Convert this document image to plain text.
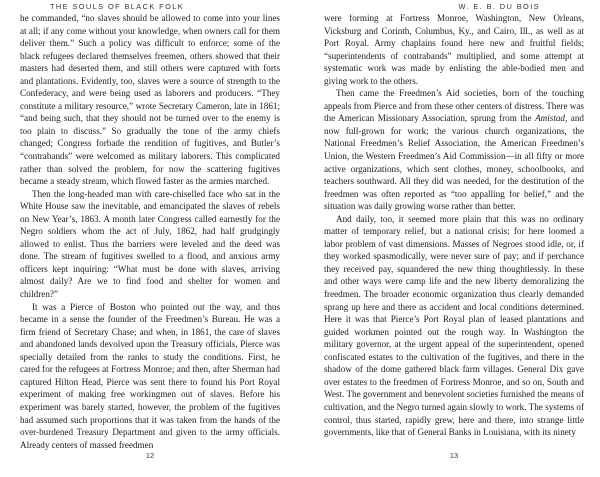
THE SOULS OF BLACK FOLK

he commanded, “no slaves should be allowed to come into your lines at all; if any come without your knowledge, when owners call for them deliver them.” Such a policy was difficult to enforce; some of the black refugees declared themselves freemen, others showed that their masters had deserted them, and still others were captured with forts and plantations. Evidently, too, slaves were a source of strength to the Confederacy, and were being used as laborers and producers. “They constitute a military resource,” wrote Secretary Cameron, late in 1861; “and being such, that they should not be turned over to the enemy is too plain to discuss.” So gradually the tone of the army chiefs changed; Congress forbade the rendition of fugitives, and Butler’s “contrabands” were welcomed as military laborers. This complicated rather than solved the problem, for now the scattering fugitives became a steady stream, which flowed faster as the armies marched.

Then the long-headed man with care-chiselled face who sat in the White House saw the inevitable, and emancipated the slaves of rebels on New Year’s, 1863. A month later Congress called earnestly for the Negro soldiers whom the act of July, 1862, had half grudgingly allowed to enlist. Thus the barriers were leveled and the deed was done. The stream of fugitives swelled to a flood, and anxious army officers kept inquiring: “What must be done with slaves, arriving almost daily? Are we to find food and shelter for women and children?”

It was a Pierce of Boston who pointed out the way, and thus became in a sense the founder of the Freedmen’s Bureau. He was a firm friend of Secretary Chase; and when, in 1861, the care of slaves and abandoned lands devolved upon the Treasury officials, Pierce was specially detailed from the ranks to study the conditions. First, he cared for the refugees at Fortress Monroe; and then, after Sherman had captured Hilton Head, Pierce was sent there to found his Port Royal experiment of making free workingmen out of slaves. Before his experiment was barely started, however, the problem of the fugitives had assumed such proportions that it was taken from the hands of the over-burdened Treasury Department and given to the army officials. Already centers of massed freedmen

12
W. E. B. DU BOIS

were forming at Fortress Monroe, Washington, New Orleans, Vicksburg and Corinth, Columbus, Ky., and Cairo, Ill., as well as at Port Royal. Army chaplains found here new and fruitful fields; “superintendents of contrabands” multiplied, and some attempt at systematic work was made by enlisting the able-bodied men and giving work to the others.

Then came the Freedmen’s Aid societies, born of the touching appeals from Pierce and from these other centers of distress. There was the American Missionary Association, sprung from the Amistad, and now full-grown for work; the various church organizations, the National Freedmen’s Relief Association, the American Freedmen’s Union, the Western Freedmen’s Aid Commission—in all fifty or more active organizations, which sent clothes, money, schoolbooks, and teachers southward. All they did was needed, for the destitution of the freedmen was often reported as “too appalling for belief,” and the situation was daily growing worse rather than better.

And daily, too, it seemed more plain that this was no ordinary matter of temporary relief, but a national crisis; for here loomed a labor problem of vast dimensions. Masses of Negroes stood idle, or, if they worked spasmodically, were never sure of pay; and if perchance they received pay, squandered the new thing thoughtlessly. In these and other ways were camp life and the new liberty demoralizing the freedmen. The broader economic organization thus clearly demanded sprang up here and there as accident and local conditions determined. Here it was that Pierce’s Port Royal plan of leased plantations and guided workmen pointed out the rough way. In Washington the military governor, at the urgent appeal of the superintendent, opened confiscated estates to the cultivation of the fugitives, and there in the shadow of the dome gathered black farm villages. General Dix gave over estates to the freedmen of Fortress Monroe, and so on, South and West. The government and benevolent societies furnished the means of cultivation, and the Negro turned again slowly to work. The systems of control, thus started, rapidly grew, here and there, into strange little governments, like that of General Banks in Louisiana, with its ninety

13
